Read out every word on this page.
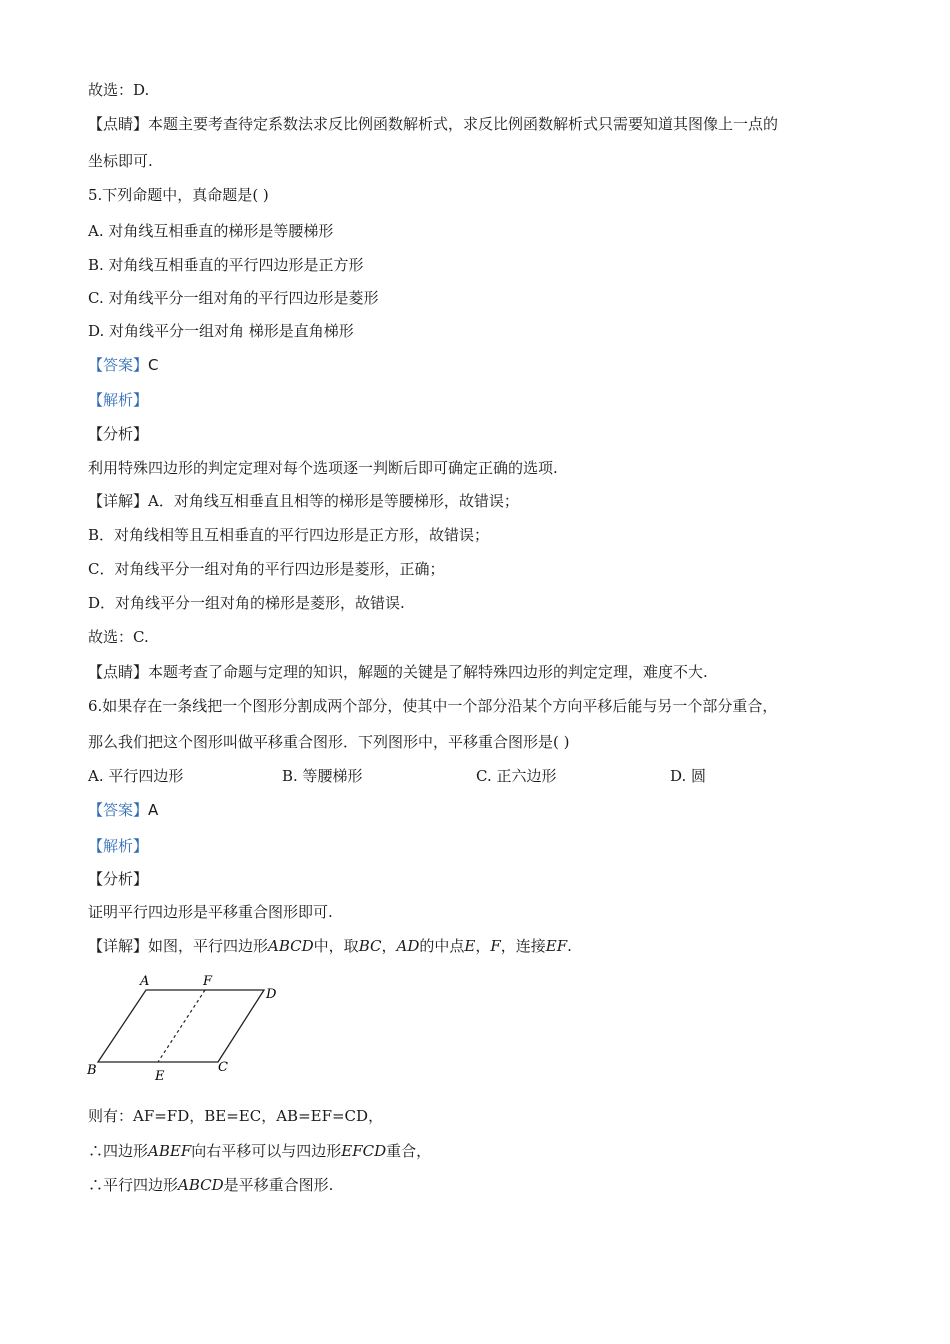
故选：D.
【点睛】本题主要考查待定系数法求反比例函数解析式，求反比例函数解析式只需要知道其图像上一点的
坐标即可.
5.下列命题中，真命题是( )
A. 对角线互相垂直的梯形是等腰梯形
B. 对角线互相垂直的平行四边形是正方形
C. 对角线平分一组对角的平行四边形是菱形
D. 对角线平分一组对角 梯形是直角梯形
【答案】C
【解析】
【分析】
利用特殊四边形的判定定理对每个选项逐一判断后即可确定正确的选项.
【详解】A．对角线互相垂直且相等的梯形是等腰梯形，故错误；
B．对角线相等且互相垂直的平行四边形是正方形，故错误；
C．对角线平分一组对角的平行四边形是菱形，正确；
D．对角线平分一组对角的梯形是菱形，故错误.
故选：C.
【点睛】本题考查了命题与定理的知识，解题的关键是了解特殊四边形的判定定理，难度不大.
6.如果存在一条线把一个图形分割成两个部分，使其中一个部分沿某个方向平移后能与另一个部分重合，
那么我们把这个图形叫做平移重合图形．下列图形中，平移重合图形是( )
A. 平行四边形	B. 等腰梯形	C. 正六边形	D. 圆
【答案】A
【解析】
【分析】
证明平行四边形是平移重合图形即可.
【详解】如图，平行四边形ABCD中，取BC，AD的中点E，F，连接EF.
A	F
D
B	E
C
则有：AF=FD，BE=EC，AB=EF=CD，
∴四边形ABEF向右平移可以与四边形EFCD重合，
∴平行四边形ABCD是平移重合图形.
